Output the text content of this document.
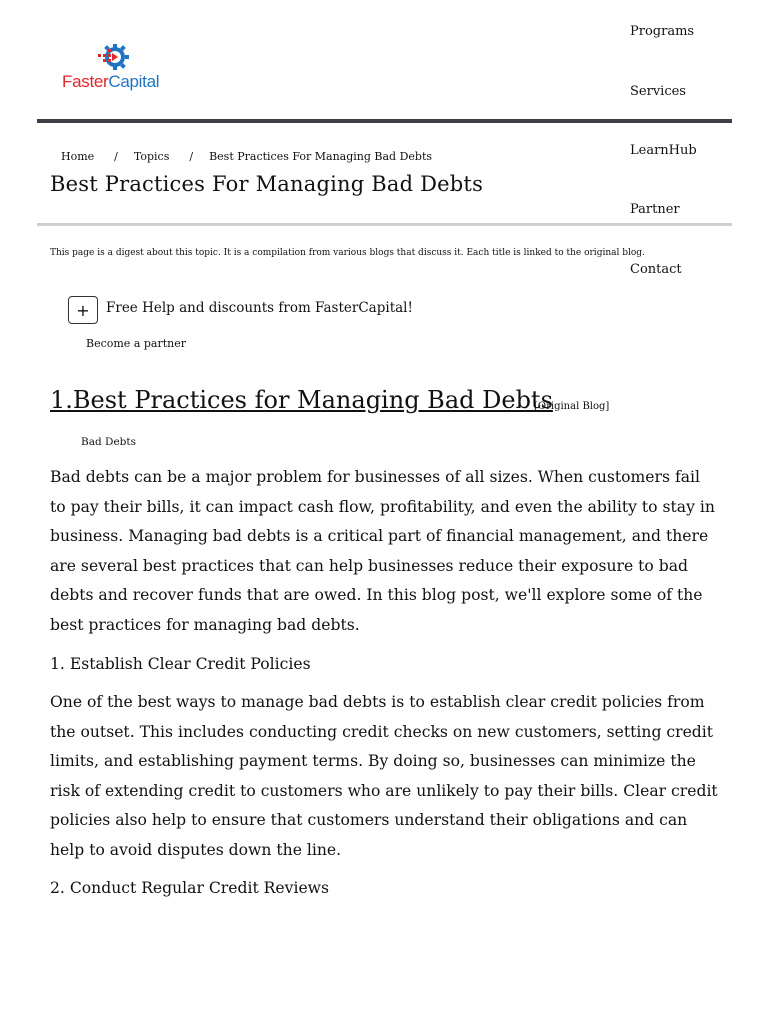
FasterCapital
Programs
Services
LearnHub
Partner
Contact
Home / Topics / Best Practices For Managing Bad Debts
Best Practices For Managing Bad Debts
This page is a digest about this topic. It is a compilation from various blogs that discuss it. Each title is linked to the original blog.
+ Free Help and discounts from FasterCapital!
Become a partner
1.Best Practices for Managing Bad Debts
[Original Blog]
Bad Debts

Bad debts can be a major problem for businesses of all sizes. When customers fail to pay their bills, it can impact cash flow, profitability, and even the ability to stay in business. Managing bad debts is a critical part of financial management, and there are several best practices that can help businesses reduce their exposure to bad debts and recover funds that are owed. In this blog post, we'll explore some of the best practices for managing bad debts.

1. Establish Clear Credit Policies

One of the best ways to manage bad debts is to establish clear credit policies from the outset. This includes conducting credit checks on new customers, setting credit limits, and establishing payment terms. By doing so, businesses can minimize the risk of extending credit to customers who are unlikely to pay their bills. Clear credit policies also help to ensure that customers understand their obligations and can help to avoid disputes down the line.

2. Conduct Regular Credit Reviews
